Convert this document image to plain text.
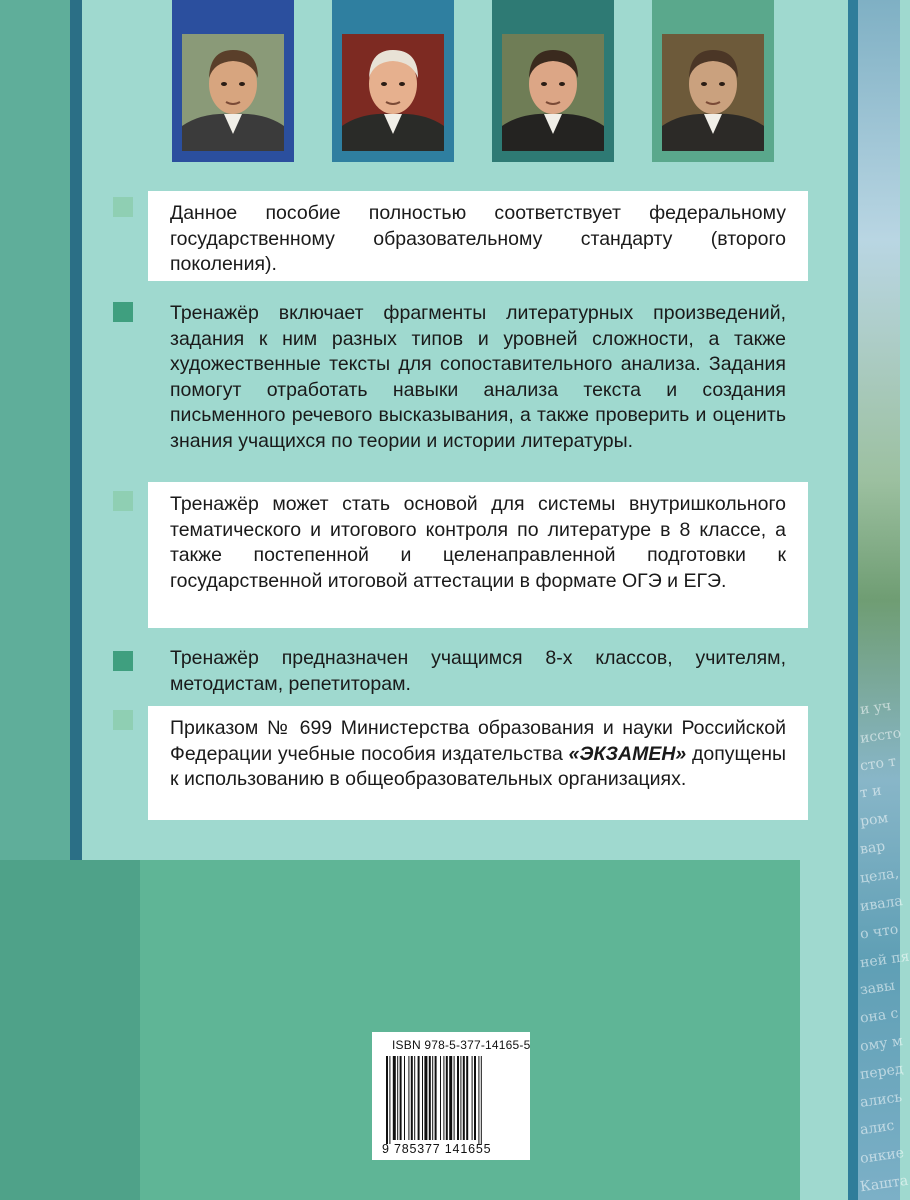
и уч
иссто
сто т
т и
ром
вар
цела,
ивала
о что
ней пя
завы
она с
ому м
перед
ались
алис
онкие
Кашта

Данное пособие полностью соответствует федеральному государственному образовательному стандарту (второго поколения).

Тренажёр включает фрагменты литературных произведений, задания к ним разных типов и уровней сложности, а также художественные тексты для сопоставительного анализа. Задания помогут отработать навыки анализа текста и создания письменного речевого высказывания, а также проверить и оценить знания учащихся по теории и истории литературы.

Тренажёр может стать основой для системы внутришкольного тематического и итогового контроля по литературе в 8 классе, а также постепенной и целенаправленной подготовки к государственной итоговой аттестации в формате ОГЭ и ЕГЭ.

Тренажёр предназначен учащимся 8-х классов, учителям, методистам, репетиторам.

Приказом № 699 Министерства образования и науки Российской Федерации учебные пособия издательства «ЭКЗАМЕН» допущены к использованию в общеобразовательных организациях.

ISBN 978-5-377-14165-5
9 785377 141655
